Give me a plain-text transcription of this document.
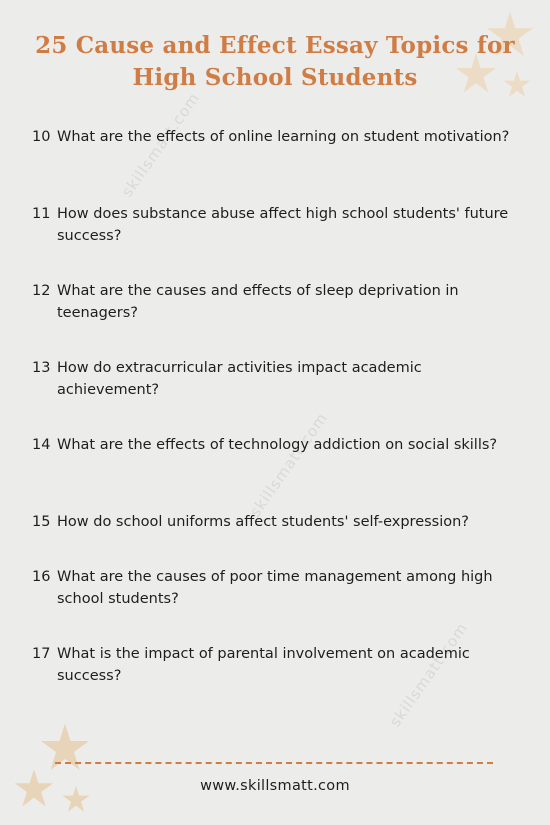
skillsmatt.com
skillsmatt.com
skillsmatt.com
25 Cause and Effect Essay Topics for High School Students
10 What are the effects of online learning on student motivation?
11 How does substance abuse affect high school students' future success?
12 What are the causes and effects of sleep deprivation in teenagers?
13 How do extracurricular activities impact academic achievement?
14 What are the effects of technology addiction on social skills?
15 How do school uniforms affect students' self-expression?
16 What are the causes of poor time management among high school students?
17 What is the impact of parental involvement on academic success?
www.skillsmatt.com
